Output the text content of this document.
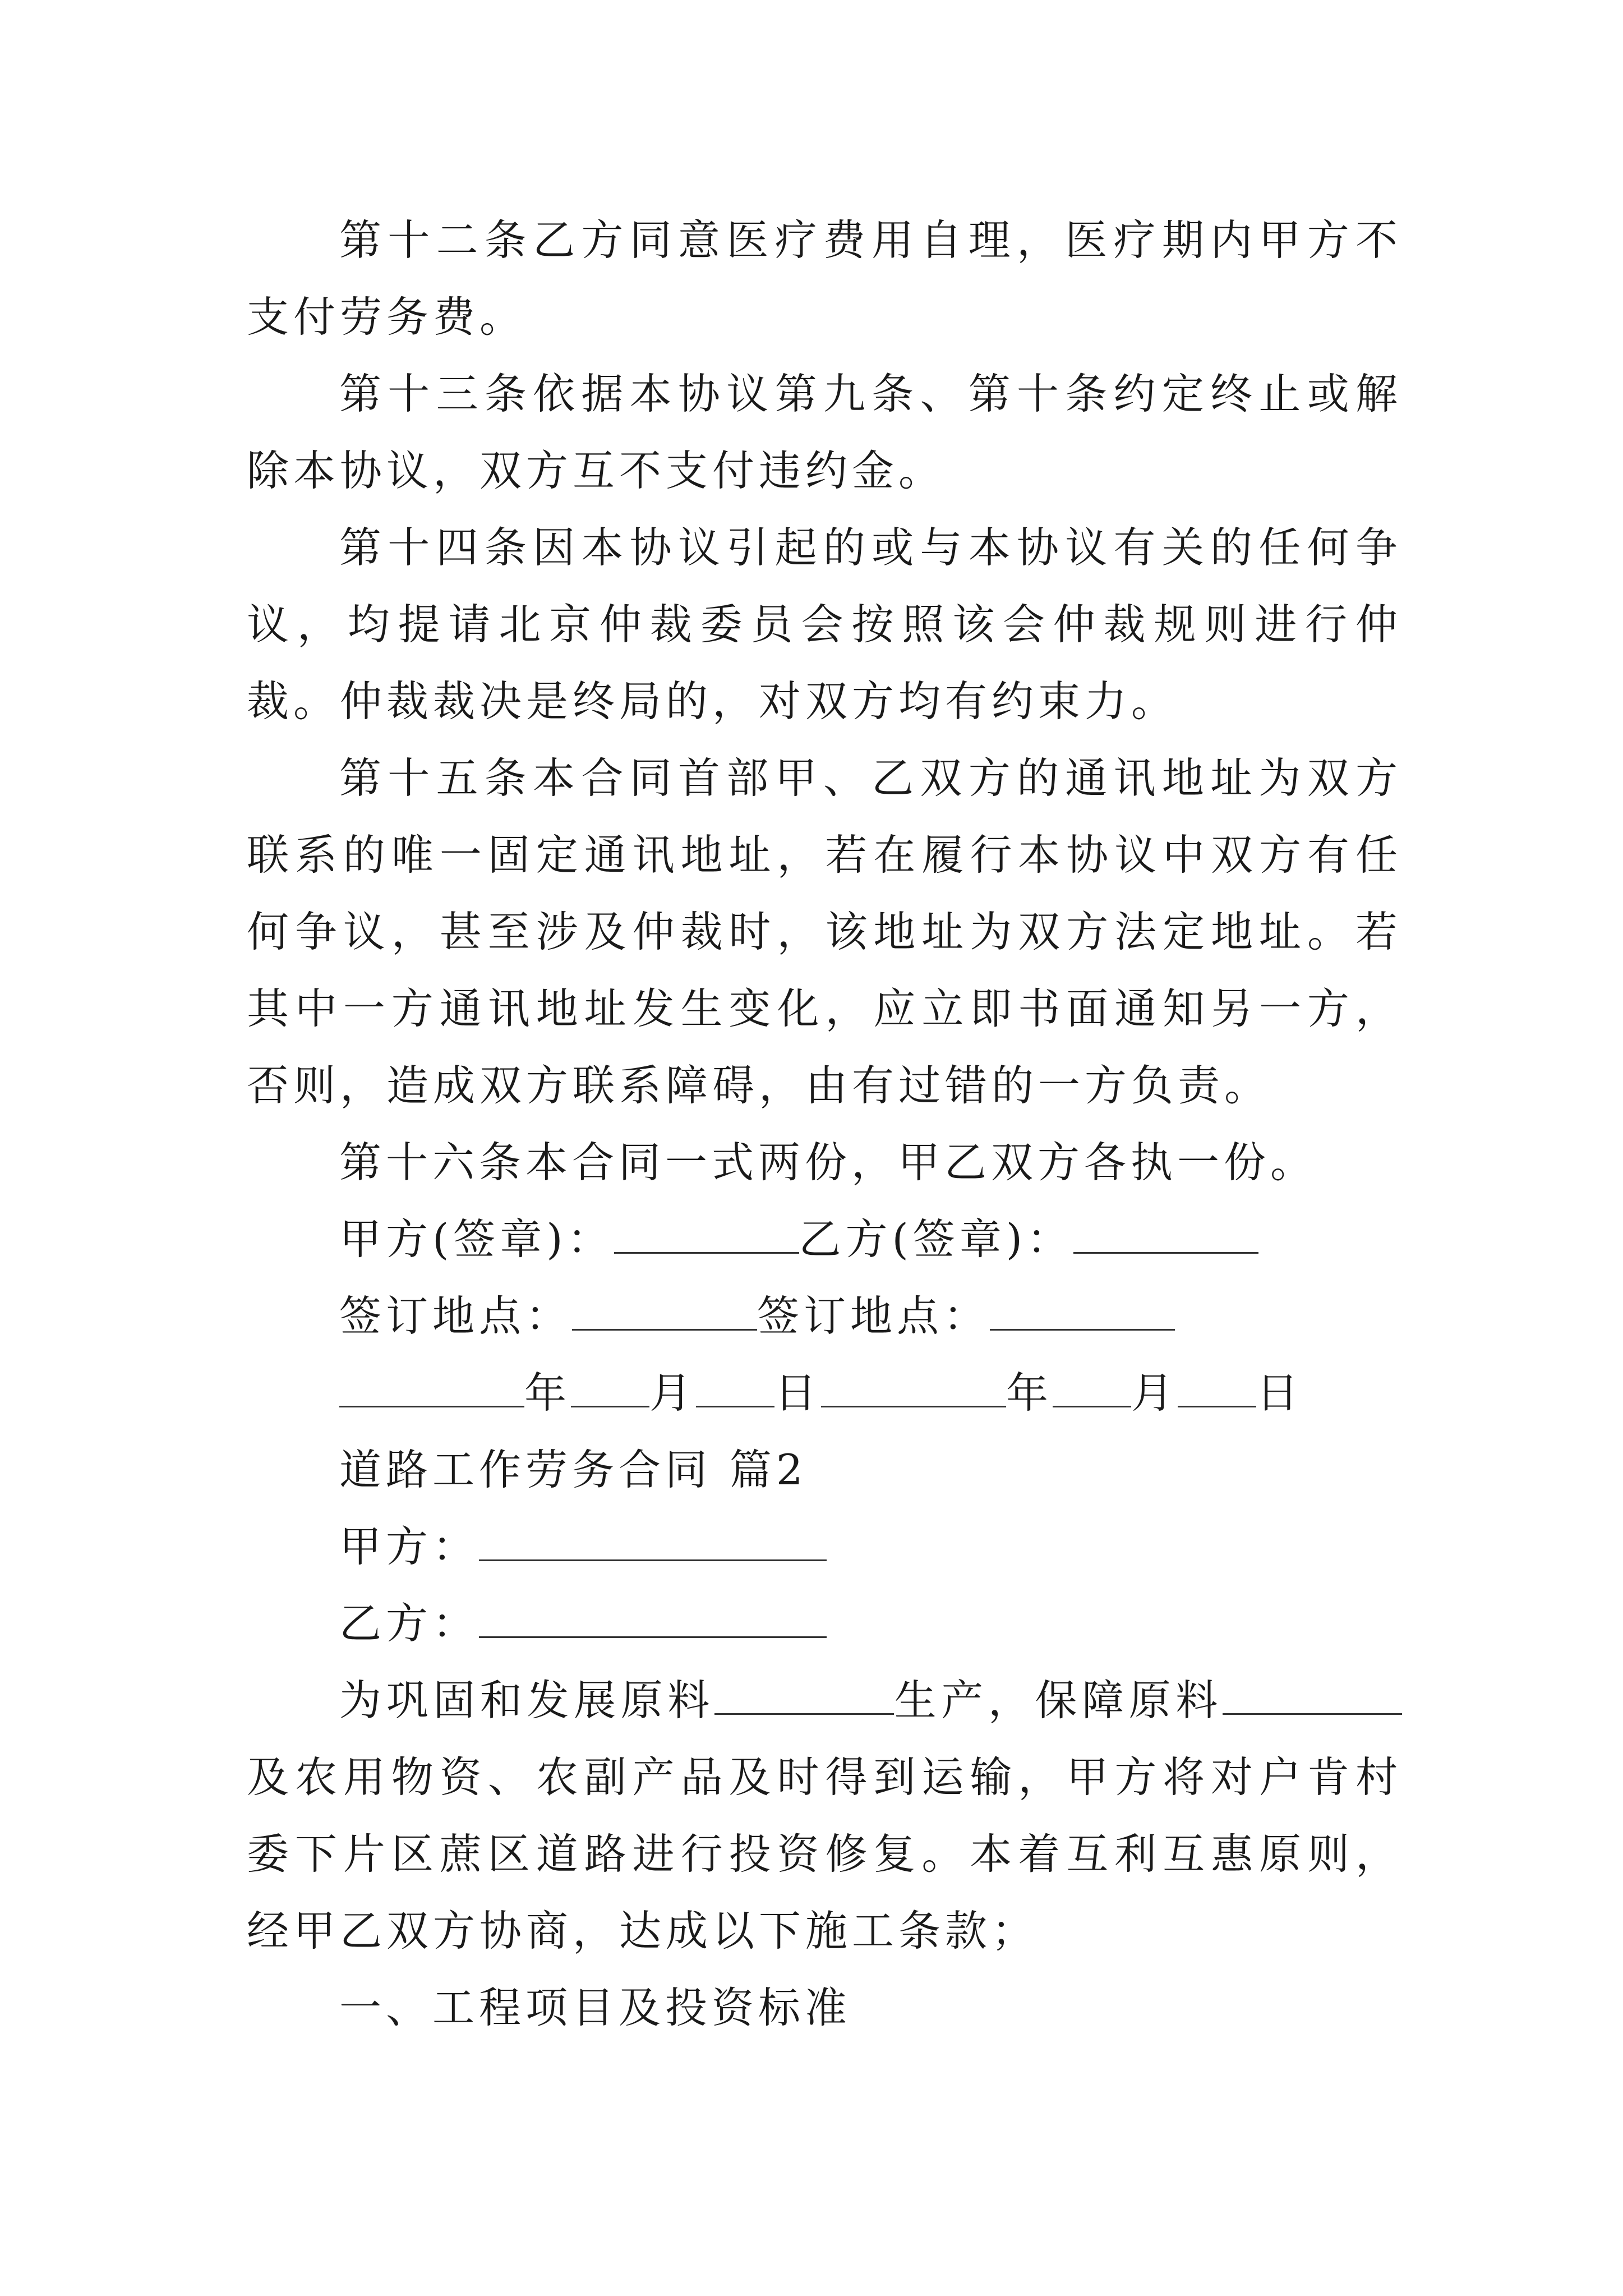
第十二条乙方同意医疗费用自理，医疗期内甲方不支付劳务费。

第十三条依据本协议第九条、第十条约定终止或解除本协议，双方互不支付违约金。

第十四条因本协议引起的或与本协议有关的任何争议，均提请北京仲裁委员会按照该会仲裁规则进行仲裁。仲裁裁决是终局的，对双方均有约束力。

第十五条本合同首部甲、乙双方的通讯地址为双方联系的唯一固定通讯地址，若在履行本协议中双方有任何争议，甚至涉及仲裁时，该地址为双方法定地址。若其中一方通讯地址发生变化，应立即书面通知另一方，否则，造成双方联系障碍，由有过错的一方负责。

第十六条本合同一式两份，甲乙双方各执一份。

甲方(签章)：	乙方(签章)：
签订地点：	签订地点：
年 月 日	年 月 日
道路工作劳务合同 篇2
甲方：
乙方：

为巩固和发展原料	生产，保障原料及农用物资、农副产品及时得到运输，甲方将对户肯村委下片区蔗区道路进行投资修复。本着互利互惠原则，经甲乙双方协商，达成以下施工条款；

一、工程项目及投资标准
